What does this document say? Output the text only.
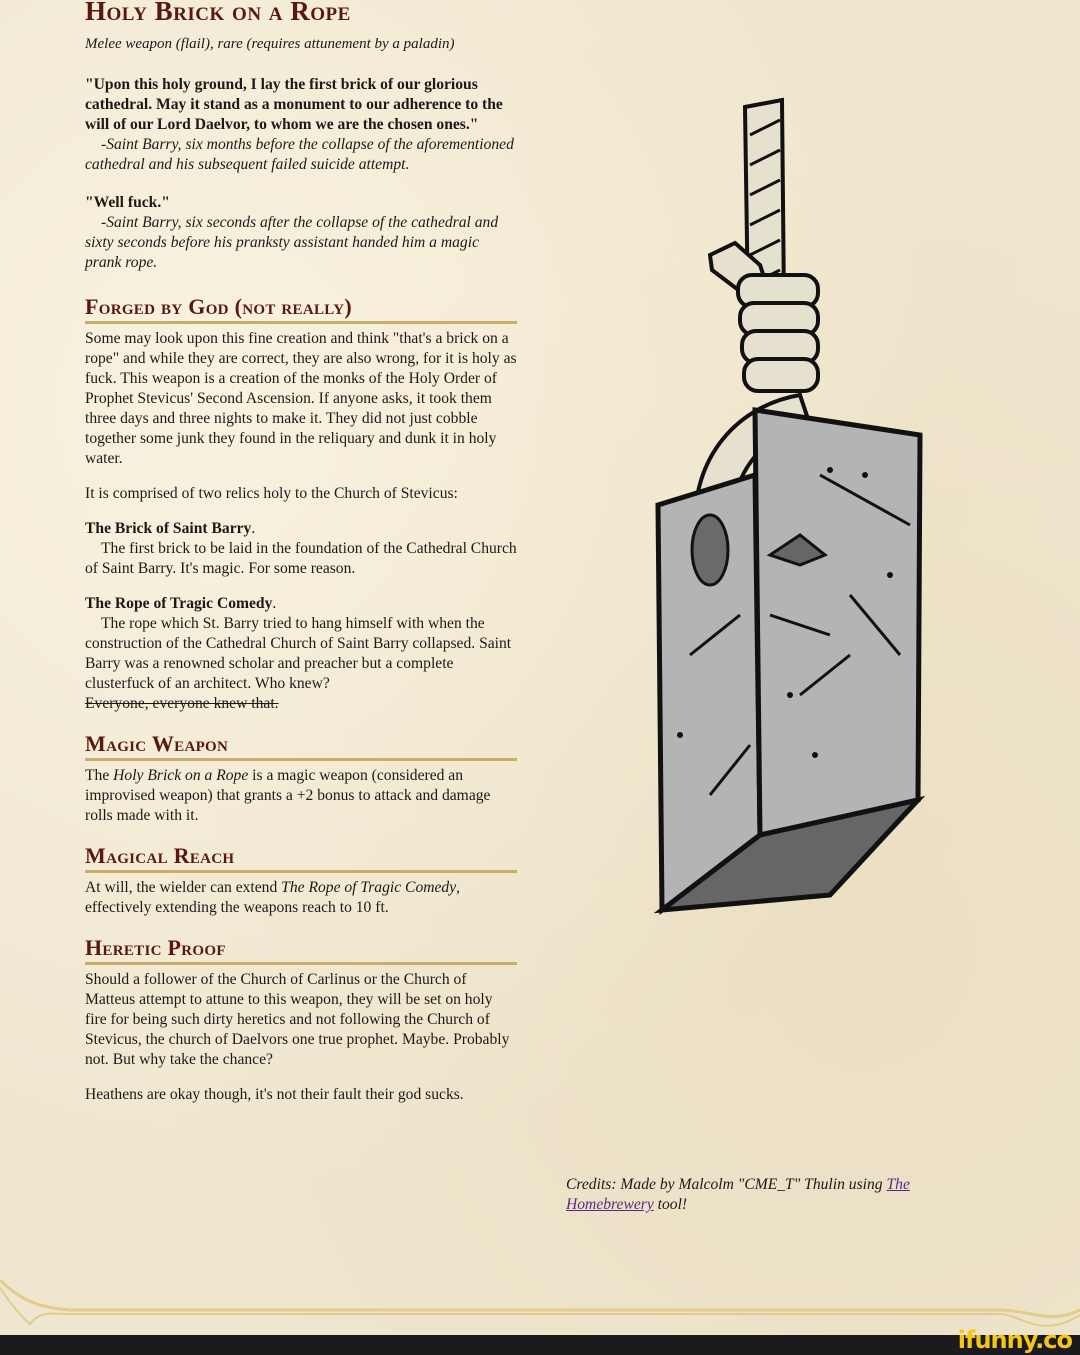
Holy Brick on a Rope
Melee weapon (flail), rare (requires attunement by a paladin)

"Upon this holy ground, I lay the first brick of our glorious cathedral. May it stand as a monument to our adherence to the will of our Lord Daelvor, to whom we are the chosen ones."

-Saint Barry, six months before the collapse of the aforementioned cathedral and his subsequent failed suicide attempt.

"Well fuck."

-Saint Barry, six seconds after the collapse of the cathedral and sixty seconds before his pranksty assistant handed him a magic prank rope.

Forged by God (not really)

Some may look upon this fine creation and think "that's a brick on a rope" and while they are correct, they are also wrong, for it is holy as fuck. This weapon is a creation of the monks of the Holy Order of Prophet Stevicus' Second Ascension. If anyone asks, it took them three days and three nights to make it. They did not just cobble together some junk they found in the reliquary and dunk it in holy water.

It is comprised of two relics holy to the Church of Stevicus:

The Brick of Saint Barry.

The first brick to be laid in the foundation of the Cathedral Church of Saint Barry. It's magic. For some reason.

The Rope of Tragic Comedy.

The rope which St. Barry tried to hang himself with when the construction of the Cathedral Church of Saint Barry collapsed. Saint Barry was a renowned scholar and preacher but a complete clusterfuck of an architect. Who knew?

Everyone, everyone knew that.

Magic Weapon

The Holy Brick on a Rope is a magic weapon (considered an improvised weapon) that grants a +2 bonus to attack and damage rolls made with it.

Magical Reach

At will, the wielder can extend The Rope of Tragic Comedy, effectively extending the weapons reach to 10 ft.

Heretic Proof

Should a follower of the Church of Carlinus or the Church of Matteus attempt to attune to this weapon, they will be set on holy fire for being such dirty heretics and not following the Church of Stevicus, the church of Daelvors one true prophet. Maybe. Probably not. But why take the chance?

Heathens are okay though, it's not their fault their god sucks.

Credits: Made by Malcolm "CME_T" Thulin using The Homebrewery tool!
ifunny.co
